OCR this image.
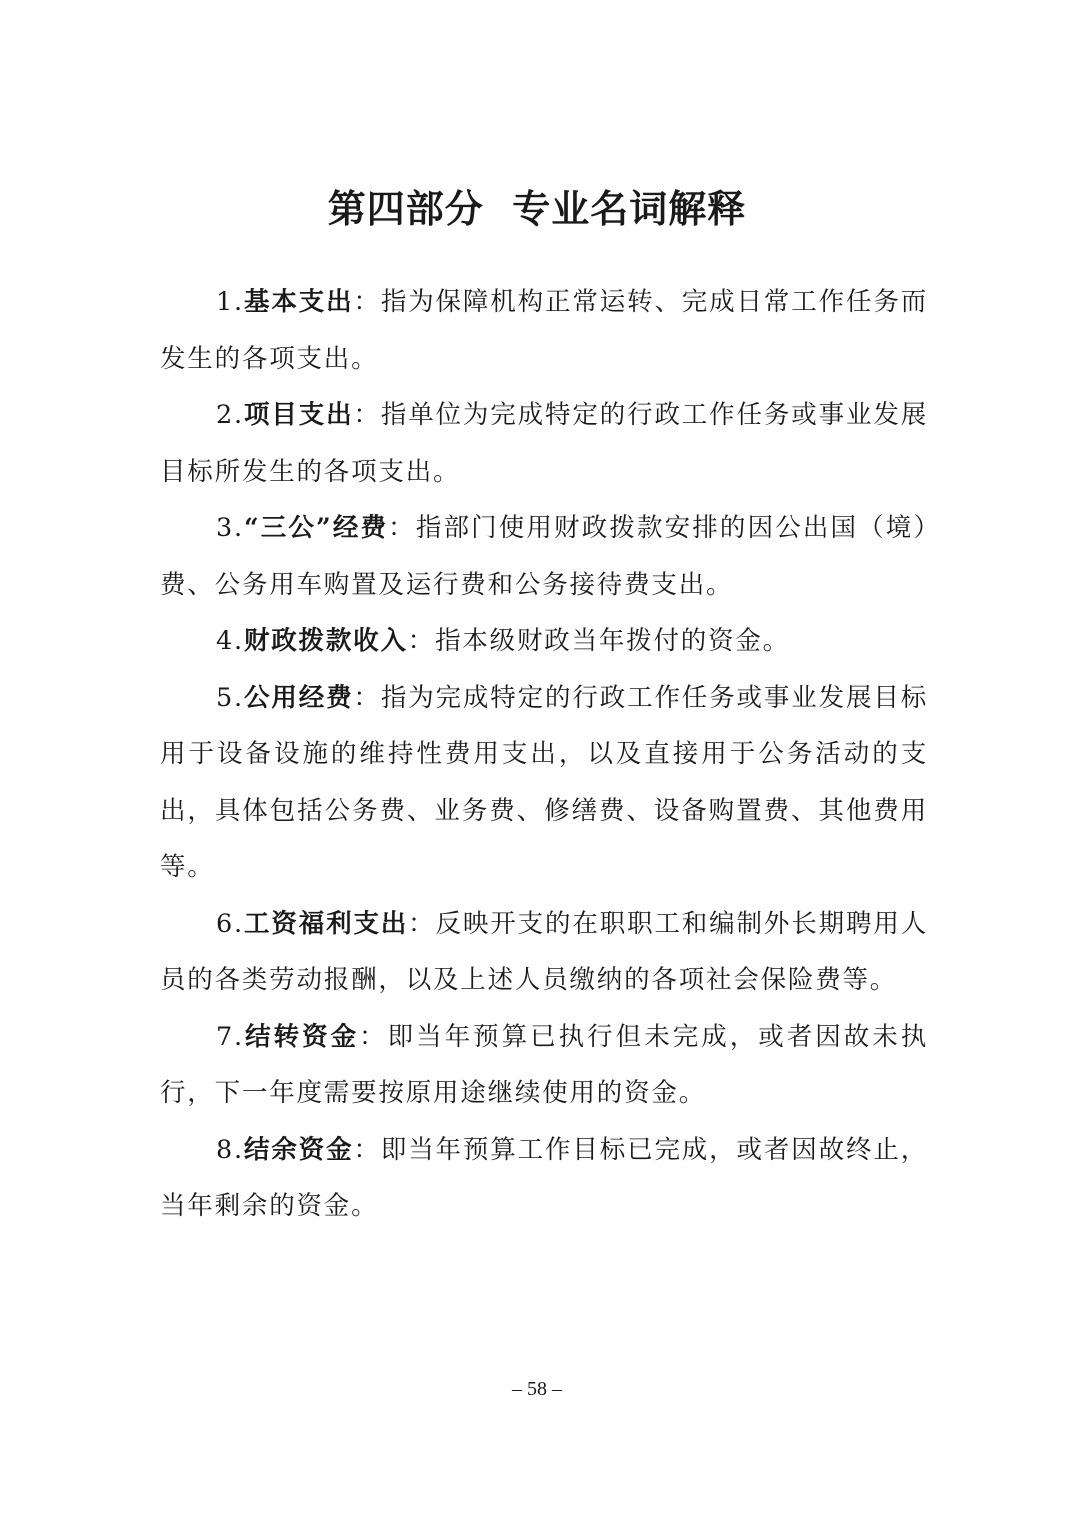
第四部分  专业名词解释

1.基本支出：指为保障机构正常运转、完成日常工作任务而发生的各项支出。

2.项目支出：指单位为完成特定的行政工作任务或事业发展目标所发生的各项支出。

3.“三公”经费：指部门使用财政拨款安排的因公出国（境）费、公务用车购置及运行费和公务接待费支出。

4.财政拨款收入：指本级财政当年拨付的资金。

5.公用经费：指为完成特定的行政工作任务或事业发展目标用于设备设施的维持性费用支出，以及直接用于公务活动的支出，具体包括公务费、业务费、修缮费、设备购置费、其他费用等。

6.工资福利支出：反映开支的在职职工和编制外长期聘用人员的各类劳动报酬，以及上述人员缴纳的各项社会保险费等。

7.结转资金：即当年预算已执行但未完成，或者因故未执行，下一年度需要按原用途继续使用的资金。

8.结余资金：即当年预算工作目标已完成，或者因故终止，当年剩余的资金。

– 58 –
